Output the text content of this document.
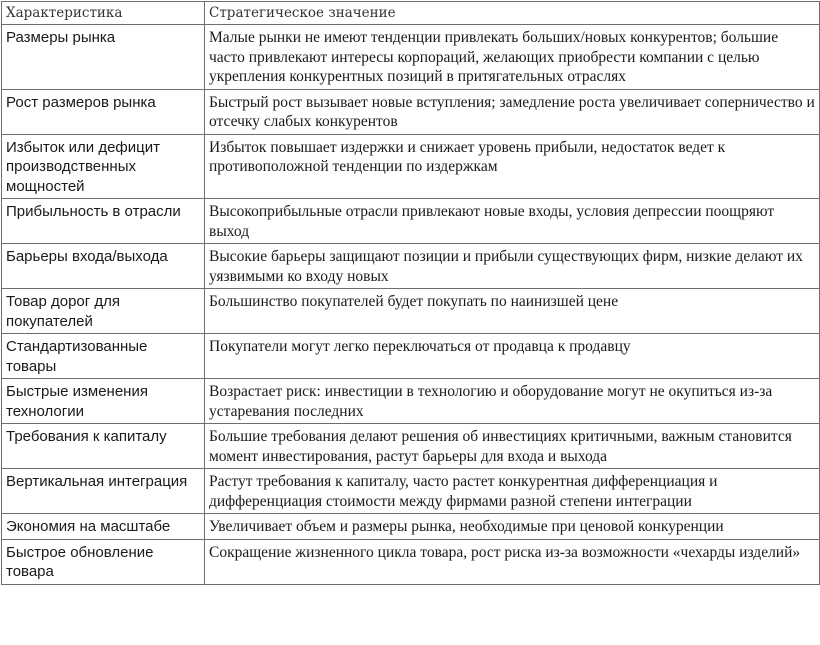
Характеристика	Стратегическое значение
Размеры рынка	Малые рынки не имеют тенденции привлекать больших/новых конкурентов; большие часто привлекают интересы корпораций, желающих приобрести компании с целью укрепления конкурентных позиций в притягательных отраслях
Рост размеров рынка	Быстрый рост вызывает новые вступления; замедление роста увеличивает соперничество и отсечку слабых конкурентов
Избыток или дефицит производственных мощностей	Избыток повышает издержки и снижает уровень прибыли, недостаток ведет к противоположной тенденции по издержкам
Прибыльность в отрасли	Высокоприбыльные отрасли привлекают новые входы, условия депрессии поощряют выход
Барьеры входа/выхода	Высокие барьеры защищают позиции и прибыли существующих фирм, низкие делают их уязвимыми ко входу новых
Товар дорог для покупателей	Большинство покупателей будет покупать по наинизшей цене
Стандартизованные товары	Покупатели могут легко переключаться от продавца к продавцу
Быстрые изменения технологии	Возрастает риск: инвестиции в технологию и оборудование могут не окупиться из-за устаревания последних
Требования к капиталу	Большие требования делают решения об инвестициях критичными, важным становится момент инвестирования, растут барьеры для входа и выхода
Вертикальная интеграция	Растут требования к капиталу, часто растет конкурентная дифференциация и дифференциация стоимости между фирмами разной степени интеграции
Экономия на масштабе	Увеличивает объем и размеры рынка, необходимые при ценовой конкуренции
Быстрое обновление товара	Сокращение жизненного цикла товара, рост риска из-за возможности «чехарды изделий»
